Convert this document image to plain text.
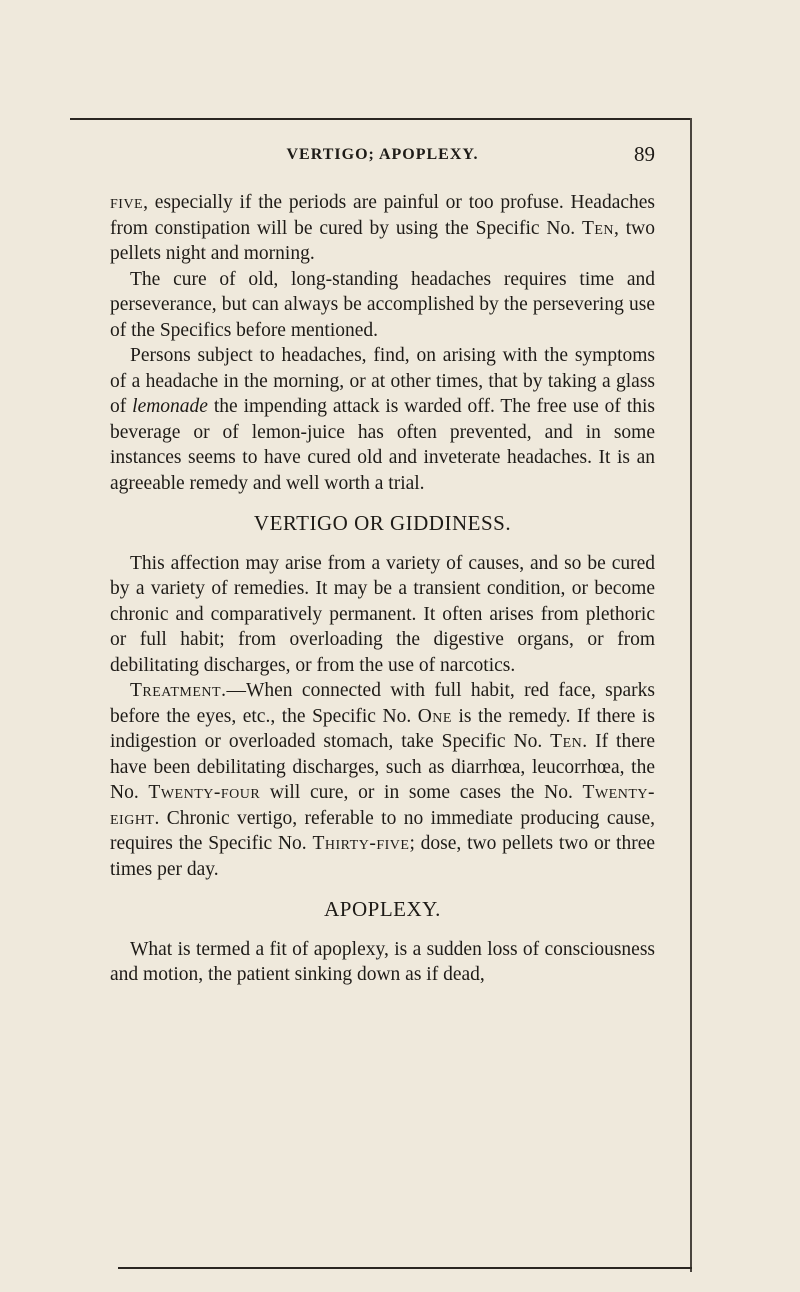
VERTIGO; APOPLEXY.	89

five, especially if the periods are painful or too profuse. Headaches from constipation will be cured by using the Specific No. Ten, two pellets night and morning.

The cure of old, long-standing headaches requires time and perseverance, but can always be accomplished by the persevering use of the Specifics before mentioned.

Persons subject to headaches, find, on arising with the symptoms of a headache in the morning, or at other times, that by taking a glass of lemonade the impending attack is warded off. The free use of this beverage or of lemon-juice has often prevented, and in some instances seems to have cured old and inveterate headaches. It is an agreeable remedy and well worth a trial.

VERTIGO OR GIDDINESS.

This affection may arise from a variety of causes, and so be cured by a variety of remedies. It may be a transient condition, or become chronic and comparatively permanent. It often arises from plethoric or full habit; from overloading the digestive organs, or from debilitating discharges, or from the use of narcotics.

Treatment.—When connected with full habit, red face, sparks before the eyes, etc., the Specific No. One is the remedy. If there is indigestion or overloaded stomach, take Specific No. Ten. If there have been debilitating discharges, such as diarrhœa, leucorrhœa, the No. Twenty-four will cure, or in some cases the No. Twenty-eight. Chronic vertigo, referable to no immediate producing cause, requires the Specific No. Thirty-five; dose, two pellets two or three times per day.

APOPLEXY.

What is termed a fit of apoplexy, is a sudden loss of consciousness and motion, the patient sinking down as if dead,
